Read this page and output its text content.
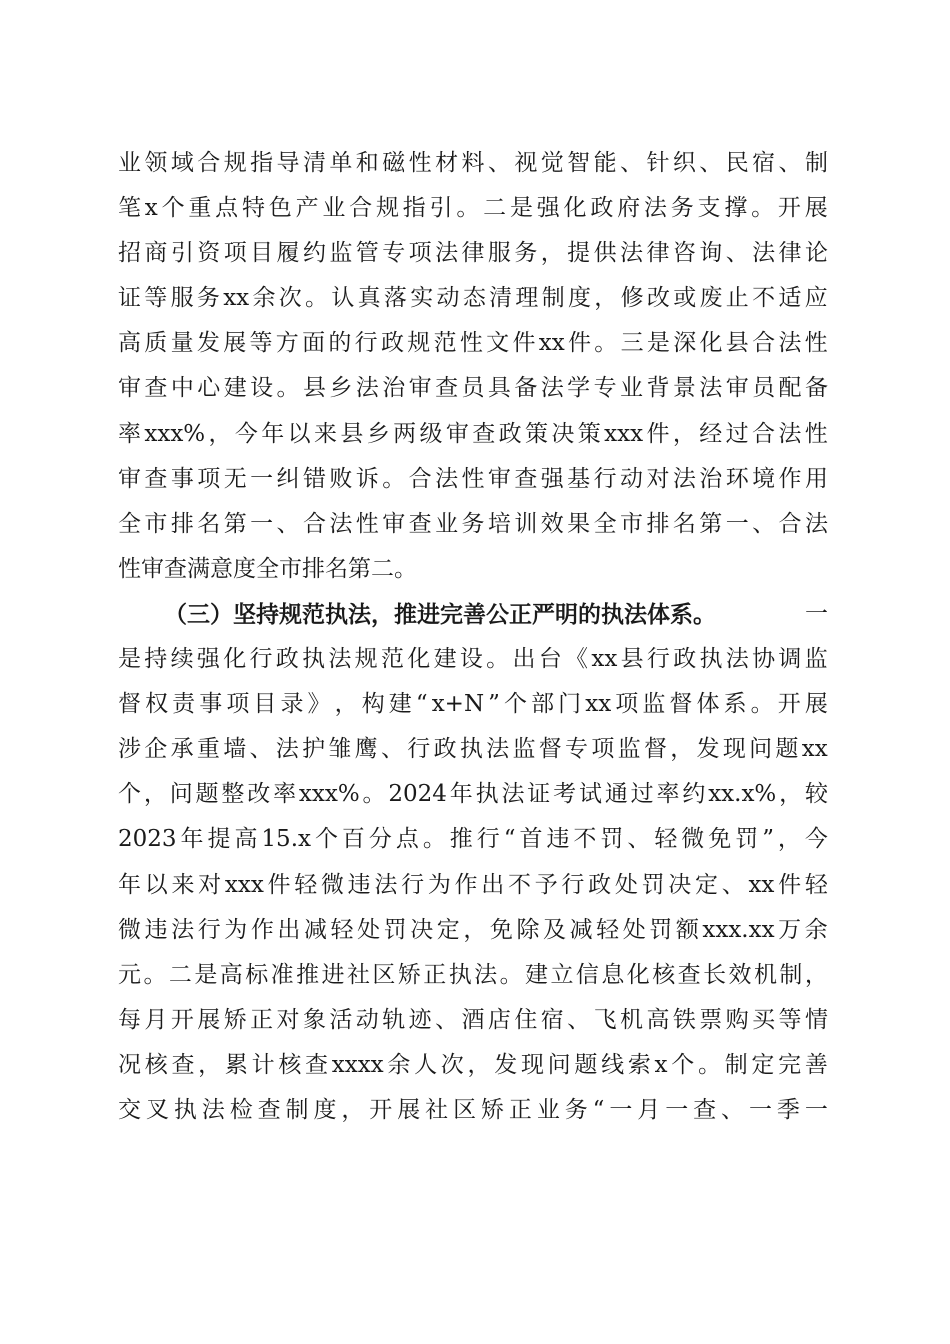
业 领 域 合 规 指 导 清 单 和 磁 性 材 料 、 视 觉 智 能 、 针 织 、 民 宿 、 制
笔 x 个 重 点 特 色 产 业 合 规 指 引 。 二 是 强 化 政 府 法 务 支 撑 。 开 展
招 商 引 资 项 目 履 约 监 管 专 项 法 律 服 务 ， 提 供 法 律 咨 询 、 法 律 论
证 等 服 务 xx 余 次 。 认 真 落 实 动 态 清 理 制 度 ， 修 改 或 废 止 不 适 应
高 质 量 发 展 等 方 面 的 行 政 规 范 性 文 件 xx 件 。 三 是 深 化 县 合 法 性
审 查 中 心 建 设 。 县 乡 法 治 审 查 员 具 备 法 学 专 业 背 景 法 审 员 配 备
率 xxx% ， 今 年 以 来 县 乡 两 级 审 查 政 策 决 策 xxx 件 ， 经 过 合 法 性
审 查 事 项 无 一 纠 错 败 诉 。 合 法 性 审 查 强 基 行 动 对 法 治 环 境 作 用
全 市 排 名 第 一 、 合 法 性 审 查 业 务 培 训 效 果 全 市 排 名 第 一 、 合 法
性审查满意度全市排名第二。
（三）坚持规范执法，推进完善公正严明的执法体系。	一
是 持 续 强 化 行 政 执 法 规 范 化 建 设 。 出 台 《 xx 县 行 政 执 法 协 调 监
督 权 责 事 项 目 录 》 ， 构 建 “ x+N ” 个 部 门 xx 项 监 督 体 系 。 开 展
涉 企 承 重 墙 、 法 护 雏 鹰 、 行 政 执 法 监 督 专 项 监 督 ， 发 现 问 题 xx
个 ， 问 题 整 改 率 xxx% 。 2024 年 执 法 证 考 试 通 过 率 约 xx.x% ， 较
2023 年 提 高 15.x 个 百 分 点 。 推 行 “ 首 违 不 罚 、 轻 微 免 罚 ” ， 今
年 以 来 对 xxx 件 轻 微 违 法 行 为 作 出 不 予 行 政 处 罚 决 定 、 xx 件 轻
微 违 法 行 为 作 出 减 轻 处 罚 决 定 ， 免 除 及 减 轻 处 罚 额 xxx.xx 万 余
元 。 二 是 高 标 准 推 进 社 区 矫 正 执 法 。 建 立 信 息 化 核 查 长 效 机 制 ，
每 月 开 展 矫 正 对 象 活 动 轨 迹 、 酒 店 住 宿 、 飞 机 高 铁 票 购 买 等 情
况 核 查 ， 累 计 核 查 xxxx 余 人 次 ， 发 现 问 题 线 索 x 个 。 制 定 完 善
交 叉 执 法 检 查 制 度 ， 开 展 社 区 矫 正 业 务 “ 一 月 一 查 、 一 季 一
